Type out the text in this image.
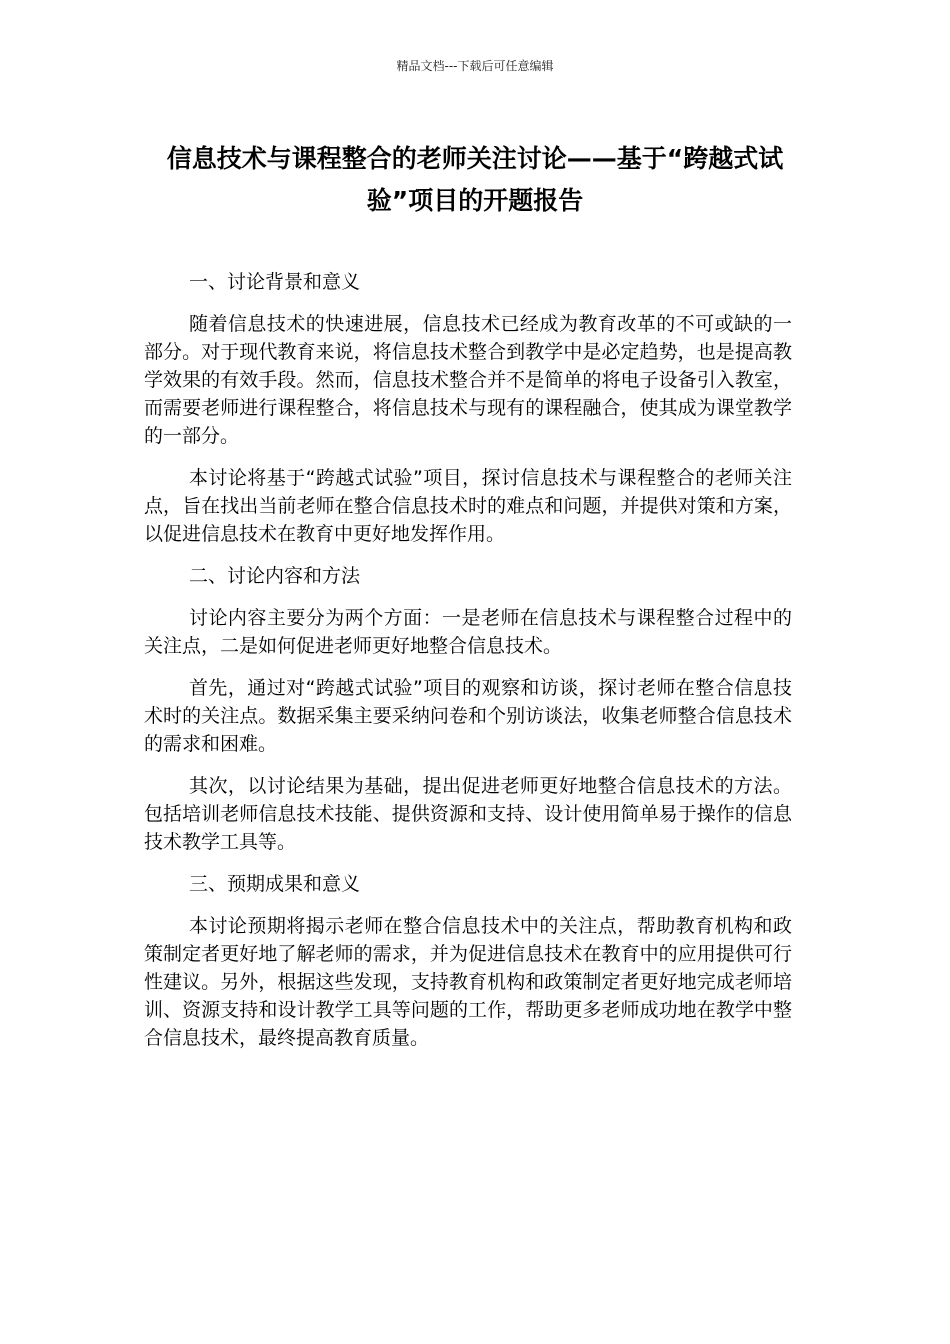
精品文档---下载后可任意编辑
信息技术与课程整合的老师关注讨论——基于“跨越式试验”项目的开题报告

一、讨论背景和意义

随着信息技术的快速进展，信息技术已经成为教育改革的不可或缺的一部分。对于现代教育来说，将信息技术整合到教学中是必定趋势，也是提高教学效果的有效手段。然而，信息技术整合并不是简单的将电子设备引入教室，而需要老师进行课程整合，将信息技术与现有的课程融合，使其成为课堂教学的一部分。

本讨论将基于“跨越式试验”项目，探讨信息技术与课程整合的老师关注点，旨在找出当前老师在整合信息技术时的难点和问题，并提供对策和方案，以促进信息技术在教育中更好地发挥作用。

二、讨论内容和方法

讨论内容主要分为两个方面：一是老师在信息技术与课程整合过程中的关注点，二是如何促进老师更好地整合信息技术。

首先，通过对“跨越式试验”项目的观察和访谈，探讨老师在整合信息技术时的关注点。数据采集主要采纳问卷和个别访谈法，收集老师整合信息技术的需求和困难。

其次，以讨论结果为基础，提出促进老师更好地整合信息技术的方法。包括培训老师信息技术技能、提供资源和支持、设计使用简单易于操作的信息技术教学工具等。

三、预期成果和意义

本讨论预期将揭示老师在整合信息技术中的关注点，帮助教育机构和政策制定者更好地了解老师的需求，并为促进信息技术在教育中的应用提供可行性建议。另外，根据这些发现，支持教育机构和政策制定者更好地完成老师培训、资源支持和设计教学工具等问题的工作，帮助更多老师成功地在教学中整合信息技术，最终提高教育质量。
